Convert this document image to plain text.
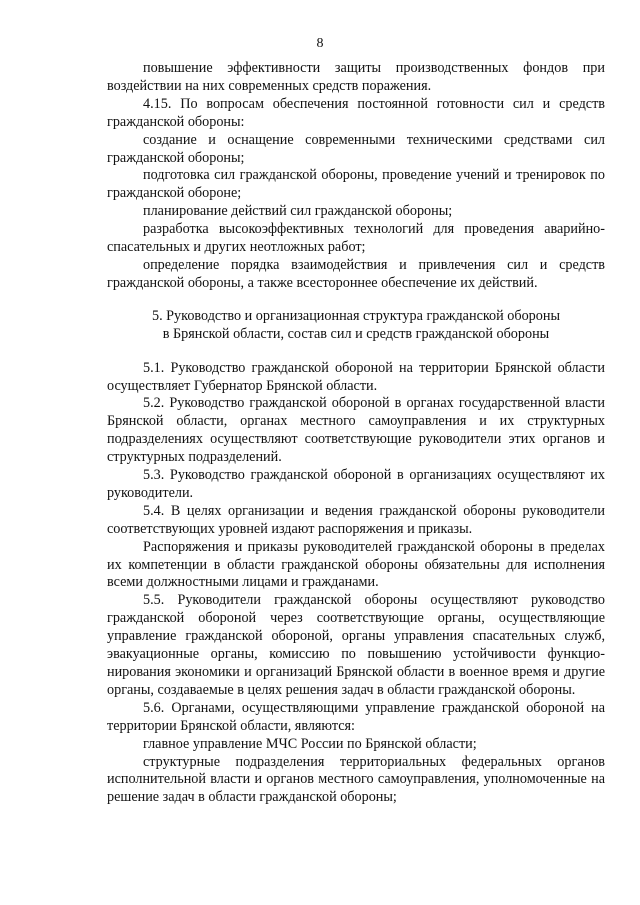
8

повышение эффективности защиты производственных фондов при воздействии на них современных средств поражения.

4.15. По вопросам обеспечения постоянной готовности сил и средств гражданской обороны:

создание и оснащение современными техническими средствами сил гражданской обороны;

подготовка сил гражданской обороны, проведение учений и тренировок по гражданской обороне;

планирование действий сил гражданской обороны;

разработка высокоэффективных технологий для проведения аварийно-спасательных и других неотложных работ;

определение порядка взаимодействия и привлечения сил и средств гражданской обороны, а также всестороннее обеспечение их действий.

5. Руководство и организационная структура гражданской обороны

в Брянской области, состав сил и средств гражданской обороны

5.1. Руководство гражданской обороной на территории Брянской области осуществляет Губернатор Брянской области.

5.2. Руководство гражданской обороной в органах государственной власти Брянской области, органах местного самоуправления и их структурных подразделениях осуществляют соответствующие руководители этих органов и структурных подразделений.

5.3. Руководство гражданской обороной в организациях осуществляют их руководители.

5.4. В целях организации и ведения гражданской обороны руководители соответствующих уровней издают распоряжения и приказы.

Распоряжения и приказы руководителей гражданской обороны в пределах их компетенции в области гражданской обороны обязательны для исполнения всеми должностными лицами и гражданами.

5.5. Руководители гражданской обороны осуществляют руководство гражданской обороной через соответствующие органы, осуществляющие управление гражданской обороной, органы управления спасательных служб, эвакуационные органы, комиссию по повышению устойчивости функцио-нирования экономики и организаций Брянской области в военное время и другие органы, создаваемые в целях решения задач в области гражданской обороны.

5.6. Органами, осуществляющими управление гражданской обороной на территории Брянской области, являются:

главное управление МЧС России по Брянской области;

структурные подразделения территориальных федеральных органов исполнительной власти и органов местного самоуправления, уполномоченные на решение задач в области гражданской обороны;
